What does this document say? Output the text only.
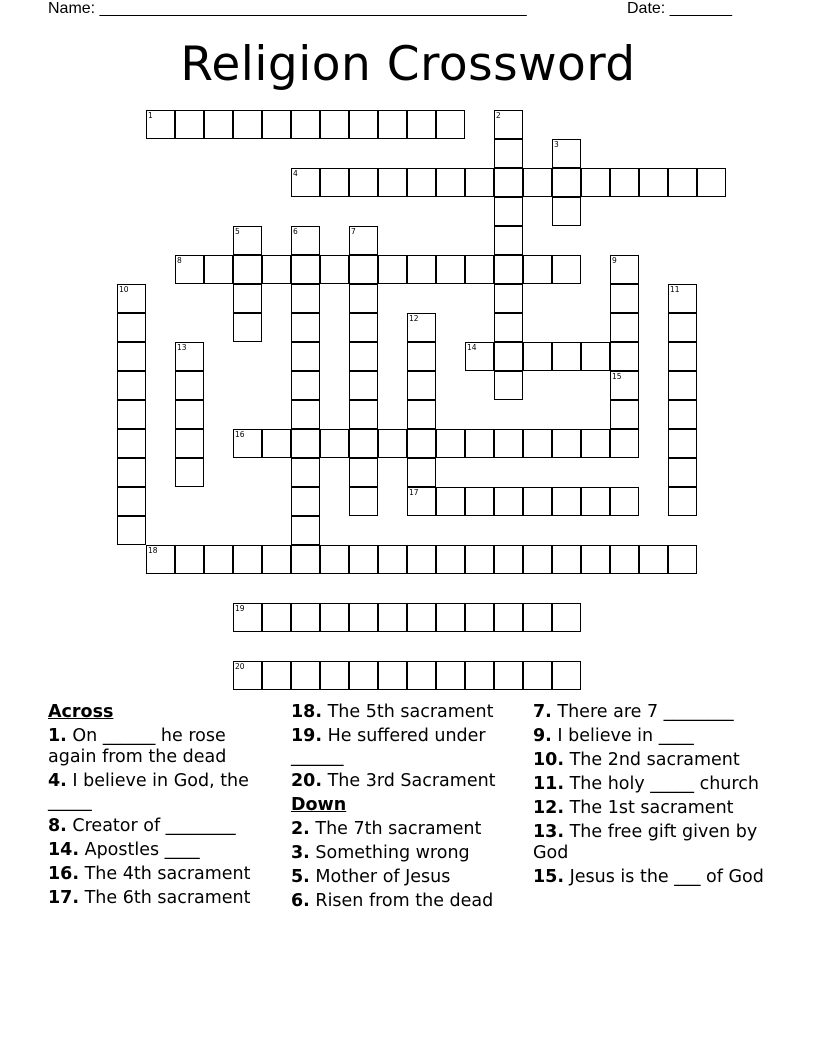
Name: ________________________________________________	Date: _______
Religion Crossword
1	2
3
4
5	6	7
8	9
10	11
12
13	14
15
16
17
18
19
20
Across
1. On ______ he rose again from the dead
4. I believe in God, the _____
8. Creator of ________
14. Apostles ____
16. The 4th sacrament
17. The 6th sacrament
18. The 5th sacrament
19. He suffered under ______
20. The 3rd Sacrament
Down
2. The 7th sacrament
3. Something wrong
5. Mother of Jesus
6. Risen from the dead
7. There are 7 ________
9. I believe in ____
10. The 2nd sacrament
11. The holy _____ church
12. The 1st sacrament
13. The free gift given by God
15. Jesus is the ___ of God
